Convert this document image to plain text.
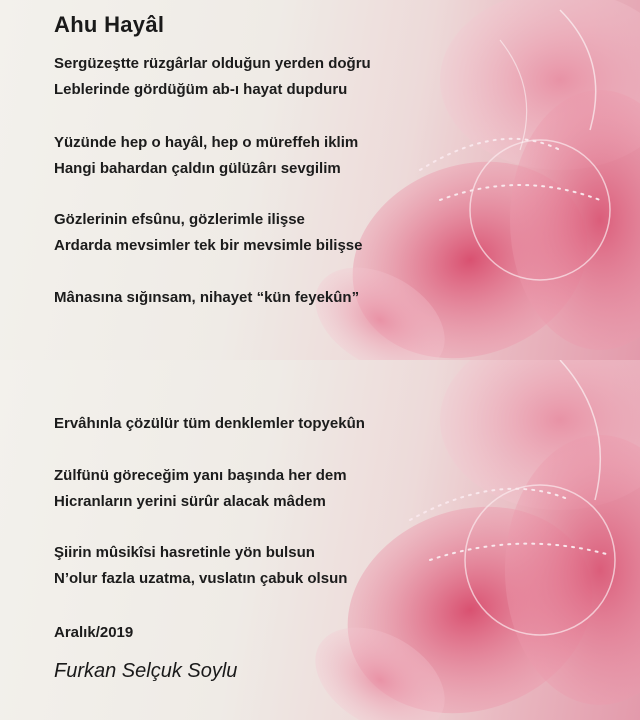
Ahu Hayâl
Sergüzeştte rüzgârlar olduğun yerden doğru
Leblerinde gördüğüm ab-ı hayat dupduru
Yüzünde hep o hayâl, hep o müreffeh iklim
Hangi bahardan çaldın gülüzârı sevgilim
Gözlerinin efsûnu, gözlerimle ilişse
Ardarda mevsimler tek bir mevsimle bilişse
Mânasına sığınsam, nihayet “kün feyekûn”
Ervâhınla çözülür tüm denklemler topyekûn
Zülfünü göreceğim yanı başında her dem
Hicranların yerini sürûr alacak mâdem
Şiirin mûsikîsi hasretinle yön bulsun
N’olur fazla uzatma, vuslatın çabuk olsun
Aralık/2019
Furkan Selçuk Soylu
